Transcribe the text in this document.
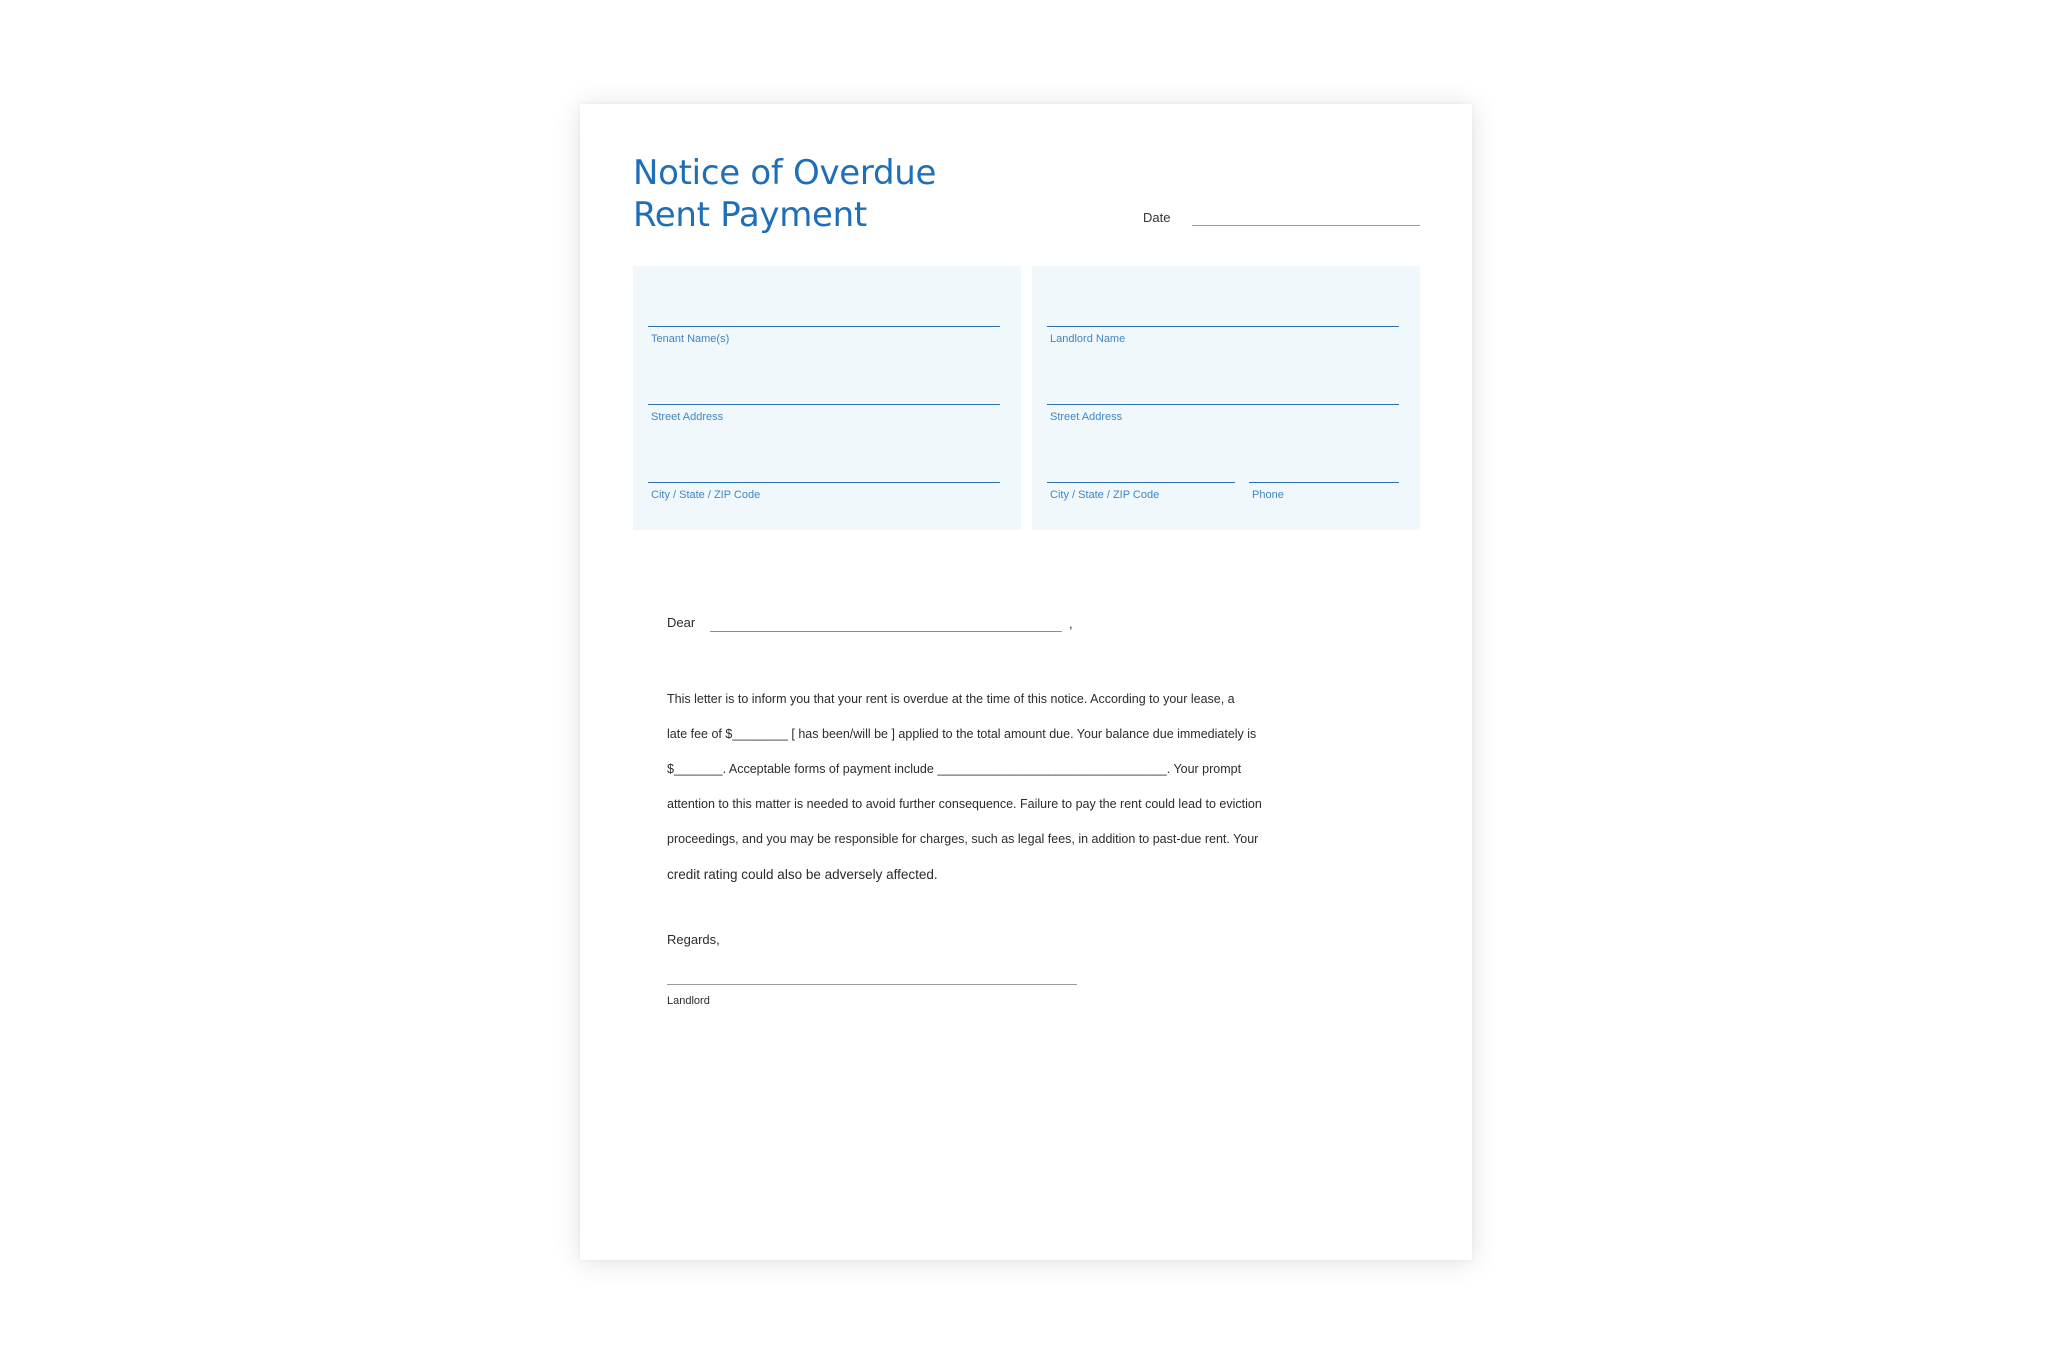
Notice of Overdue
Rent Payment	Date
Tenant Name(s)
Street Address
City / State / ZIP Code
Landlord Name
Street Address
City / State / ZIP Code	Phone
Dear	,

This letter is to inform you that your rent is overdue at the time of this notice. According to your lease, a
late fee of $________ [ has been/will be ] applied to the total amount due. Your balance due immediately is
$_______. Acceptable forms of payment include _________________________________. Your prompt
attention to this matter is needed to avoid further consequence. Failure to pay the rent could lead to eviction
proceedings, and you may be responsible for charges, such as legal fees, in addition to past-due rent. Your
credit rating could also be adversely affected.

Regards,
Landlord
